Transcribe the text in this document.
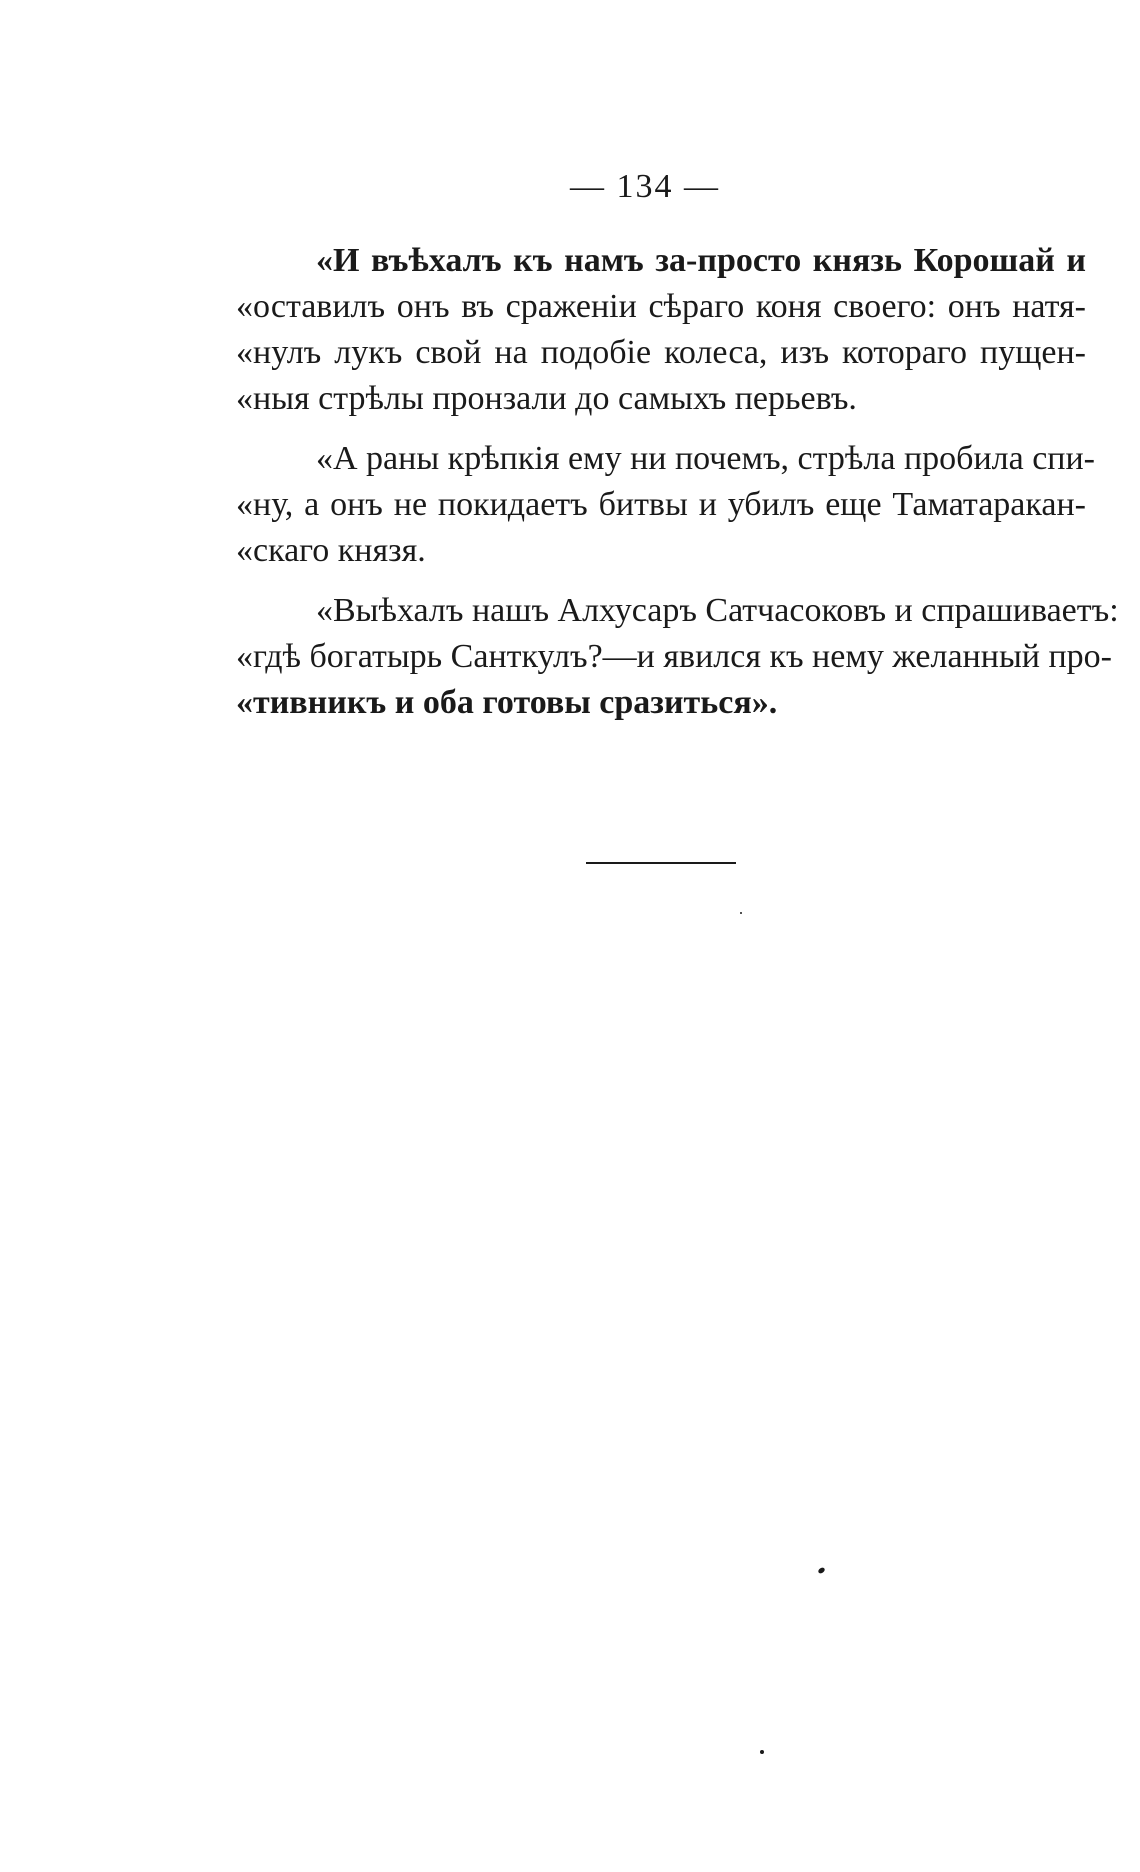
— 134 —
«И въѣхалъ къ намъ за-просто князь Корошай и
«оставилъ онъ въ сраженіи сѣраго коня своего: онъ натя-
«нулъ лукъ свой на подобіе колеса, изъ котораго пущен-
«ныя стрѣлы пронзали до самыхъ перьевъ.
«А раны крѣпкія ему ни почемъ, стрѣла пробила спи-
«ну, а онъ не покидаетъ битвы и убилъ еще Таматаракан-
«скаго князя.
«Выѣхалъ нашъ Алхусаръ Сатчасоковъ и спрашиваетъ:
«гдѣ богатырь Санткулъ?—и явился къ нему желанный про-
«тивникъ и оба готовы сразиться».
